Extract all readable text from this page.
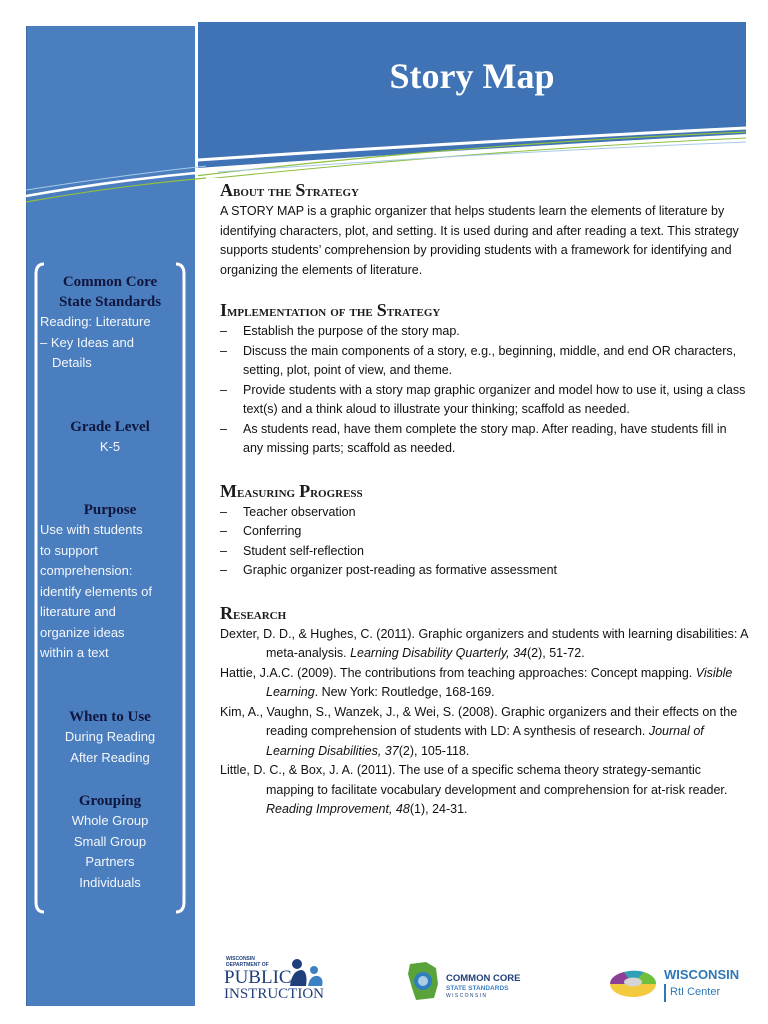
Common Core
State Standards
Reading: Literature
– Key Ideas and
Details
Grade Level
K-5
Purpose
Use with students
to support
comprehension:
identify elements of
literature and
organize ideas
within a text
When to Use
During Reading
After Reading
Grouping
Whole Group
Small Group
Partners
Individuals
Story Map
About the Strategy

A STORY MAP is a graphic organizer that helps students learn the elements of literature by identifying characters, plot, and setting. It is used during and after reading a text. This strategy supports students’ comprehension by providing students with a framework for identifying and organizing the elements of literature.

Implementation of the Strategy
– Establish the purpose of the story map.
– Discuss the main components of a story, e.g., beginning, middle, and end OR characters, setting, plot, point of view, and theme.
– Provide students with a story map graphic organizer and model how to use it, using a class text(s) and a think aloud to illustrate your thinking; scaffold as needed.
– As students read, have them complete the story map. After reading, have students fill in any missing parts; scaffold as needed.
Measuring Progress
– Teacher observation
– Conferring
– Student self-reflection
– Graphic organizer post-reading as formative assessment
Research

Dexter, D. D., & Hughes, C. (2011). Graphic organizers and students with learning disabilities: A meta-analysis. Learning Disability Quarterly, 34(2), 51-72.

Hattie, J.A.C. (2009). The contributions from teaching approaches: Concept mapping. Visible Learning. New York: Routledge, 168-169.

Kim, A., Vaughn, S., Wanzek, J., & Wei, S. (2008). Graphic organizers and their effects on the reading comprehension of students with LD: A synthesis of research. Journal of Learning Disabilities, 37(2), 105-118.

Little, D. C., & Box, J. A. (2011). The use of a specific schema theory strategy-semantic mapping to facilitate vocabulary development and comprehension for at-risk reader. Reading Improvement, 48(1), 24-31.

WISCONSIN DEPARTMENT OF
PUBLIC
INSTRUCTION
COMMON CORE
STATE STANDARDS
W I S C O N S I N
WISCONSIN
RtI Center
